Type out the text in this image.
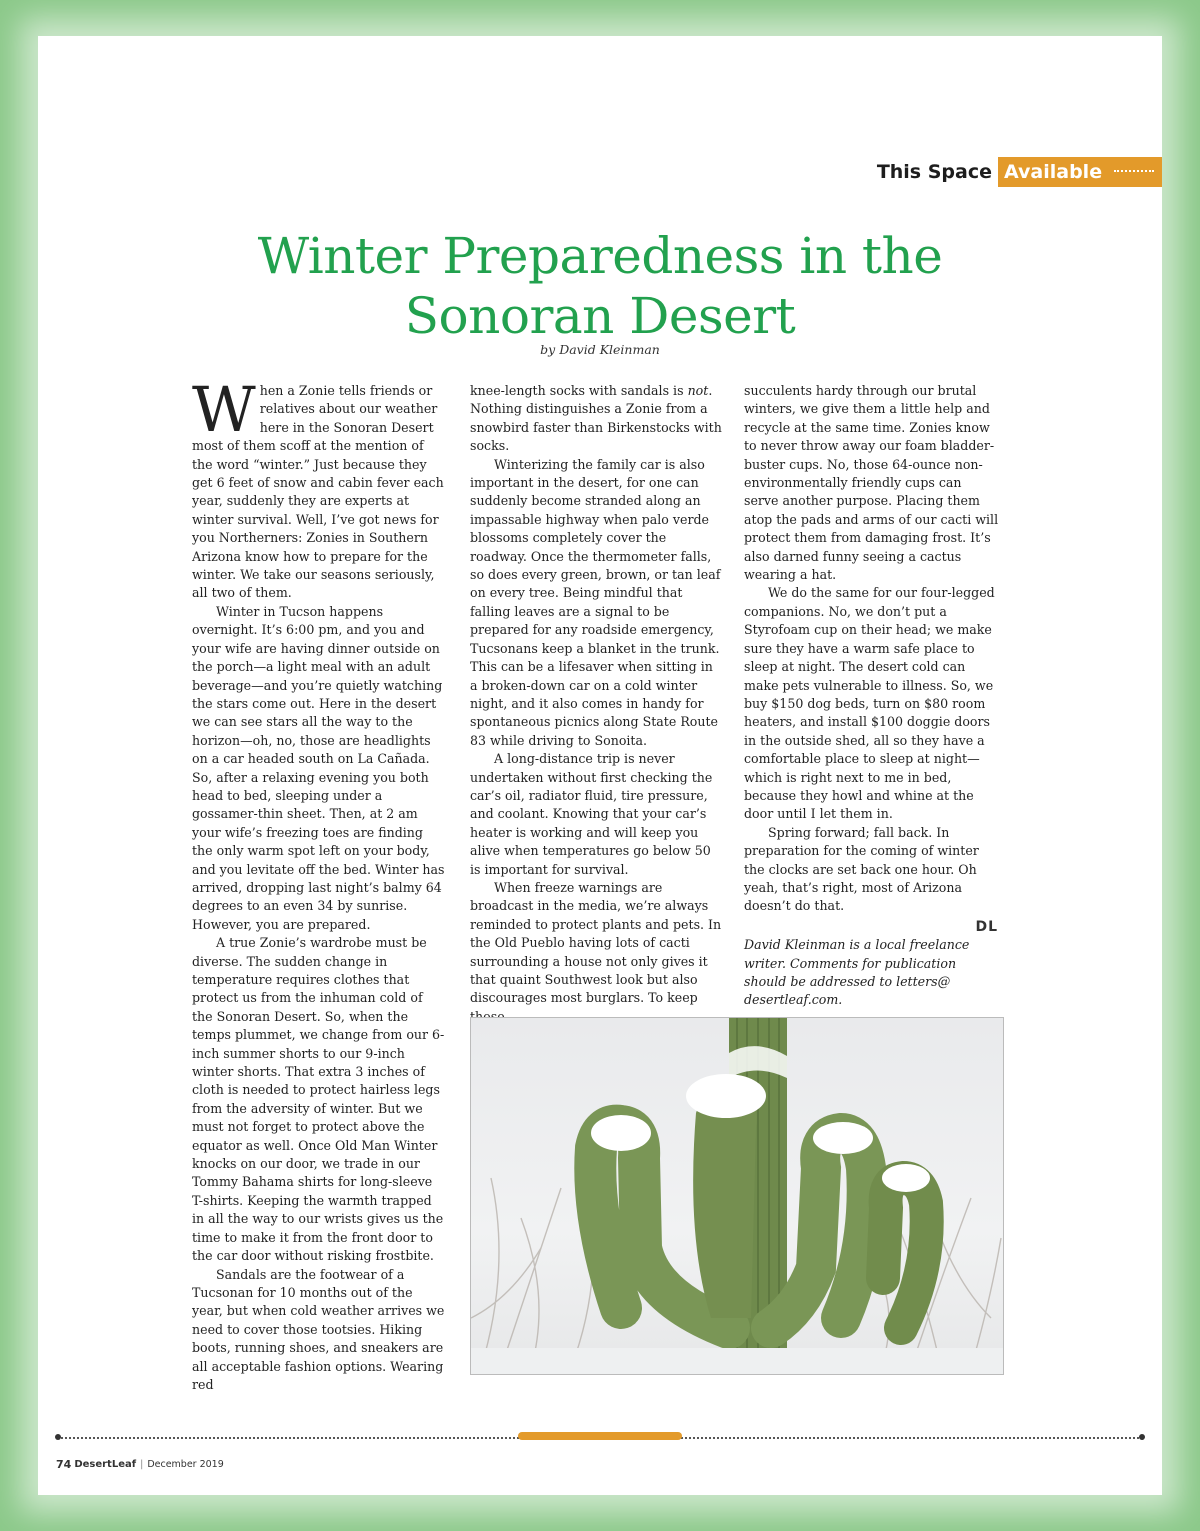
This Space Available
Winter Preparedness in the
Sonoran Desert
by David Kleinman

When a Zonie tells friends or relatives about our weather here in the Sonoran Desert most of them scoff at the mention of the word “winter.” Just because they get 6 feet of snow and cabin fever each year, suddenly they are experts at winter survival. Well, I’ve got news for you Northerners: Zonies in Southern Arizona know how to prepare for the winter. We take our seasons seriously, all two of them.

Winter in Tucson happens overnight. It’s 6:00 pm, and you and your wife are having dinner outside on the porch—a light meal with an adult beverage—and you’re quietly watching the stars come out. Here in the desert we can see stars all the way to the horizon—oh, no, those are headlights on a car headed south on La Cañada. So, after a relaxing evening you both head to bed, sleeping under a gossamer-thin sheet. Then, at 2 am your wife’s freezing toes are finding the only warm spot left on your body, and you levitate off the bed. Winter has arrived, dropping last night’s balmy 64 degrees to an even 34 by sunrise. However, you are prepared.

A true Zonie’s wardrobe must be diverse. The sudden change in temperature requires clothes that protect us from the inhuman cold of the Sonoran Desert. So, when the temps plummet, we change from our 6-inch summer shorts to our 9-inch winter shorts. That extra 3 inches of cloth is needed to protect hairless legs from the adversity of winter. But we must not forget to protect above the equator as well. Once Old Man Winter knocks on our door, we trade in our Tommy Bahama shirts for long-sleeve T-shirts. Keeping the warmth trapped in all the way to our wrists gives us the time to make it from the front door to the car door without risking frostbite.

Sandals are the footwear of a Tucsonan for 10 months out of the year, but when cold weather arrives we need to cover those tootsies. Hiking boots, running shoes, and sneakers are all acceptable fashion options. Wearing red

knee-length socks with sandals is not. Nothing distinguishes a Zonie from a snowbird faster than Birkenstocks with socks.

Winterizing the family car is also important in the desert, for one can suddenly become stranded along an impassable highway when palo verde blossoms completely cover the roadway. Once the thermometer falls, so does every green, brown, or tan leaf on every tree. Being mindful that falling leaves are a signal to be prepared for any roadside emergency, Tucsonans keep a blanket in the trunk. This can be a lifesaver when sitting in a broken-down car on a cold winter night, and it also comes in handy for spontaneous picnics along State Route 83 while driving to Sonoita.

A long-distance trip is never undertaken without first checking the car’s oil, radiator fluid, tire pressure, and coolant. Knowing that your car’s heater is working and will keep you alive when temperatures go below 50 is important for survival.

When freeze warnings are broadcast in the media, we’re always reminded to protect plants and pets. In the Old Pueblo having lots of cacti surrounding a house not only gives it that quaint Southwest look but also discourages most burglars. To keep

succulents hardy through our brutal winters, we give them a little help and recycle at the same time. Zonies know to never throw away our foam bladder-buster cups. No, those 64-ounce non-environmentally friendly cups can serve another purpose. Placing them atop the pads and arms of our cacti will protect them from damaging frost. It’s also darned funny seeing a cactus wearing a hat.

We do the same for our four-legged companions. No, we don’t put a Styrofoam cup on their head; we make sure they have a warm safe place to sleep at night. The desert cold can make pets vulnerable to illness. So, we buy $150 dog beds, turn on $80 room heaters, and install $100 doggie doors in the outside shed, all so they have a comfortable place to sleep at night—which is right next to me in bed, because they howl and whine at the door until I let them in.

Spring forward; fall back. In preparation for the coming of winter the clocks are set back one hour. Oh yeah, that’s right, most of Arizona doesn’t do that.

DL

David Kleinman is a local freelance writer. Comments for publication should be addressed to letters@ desertleaf.com.

74 DesertLeaf | December 2019
